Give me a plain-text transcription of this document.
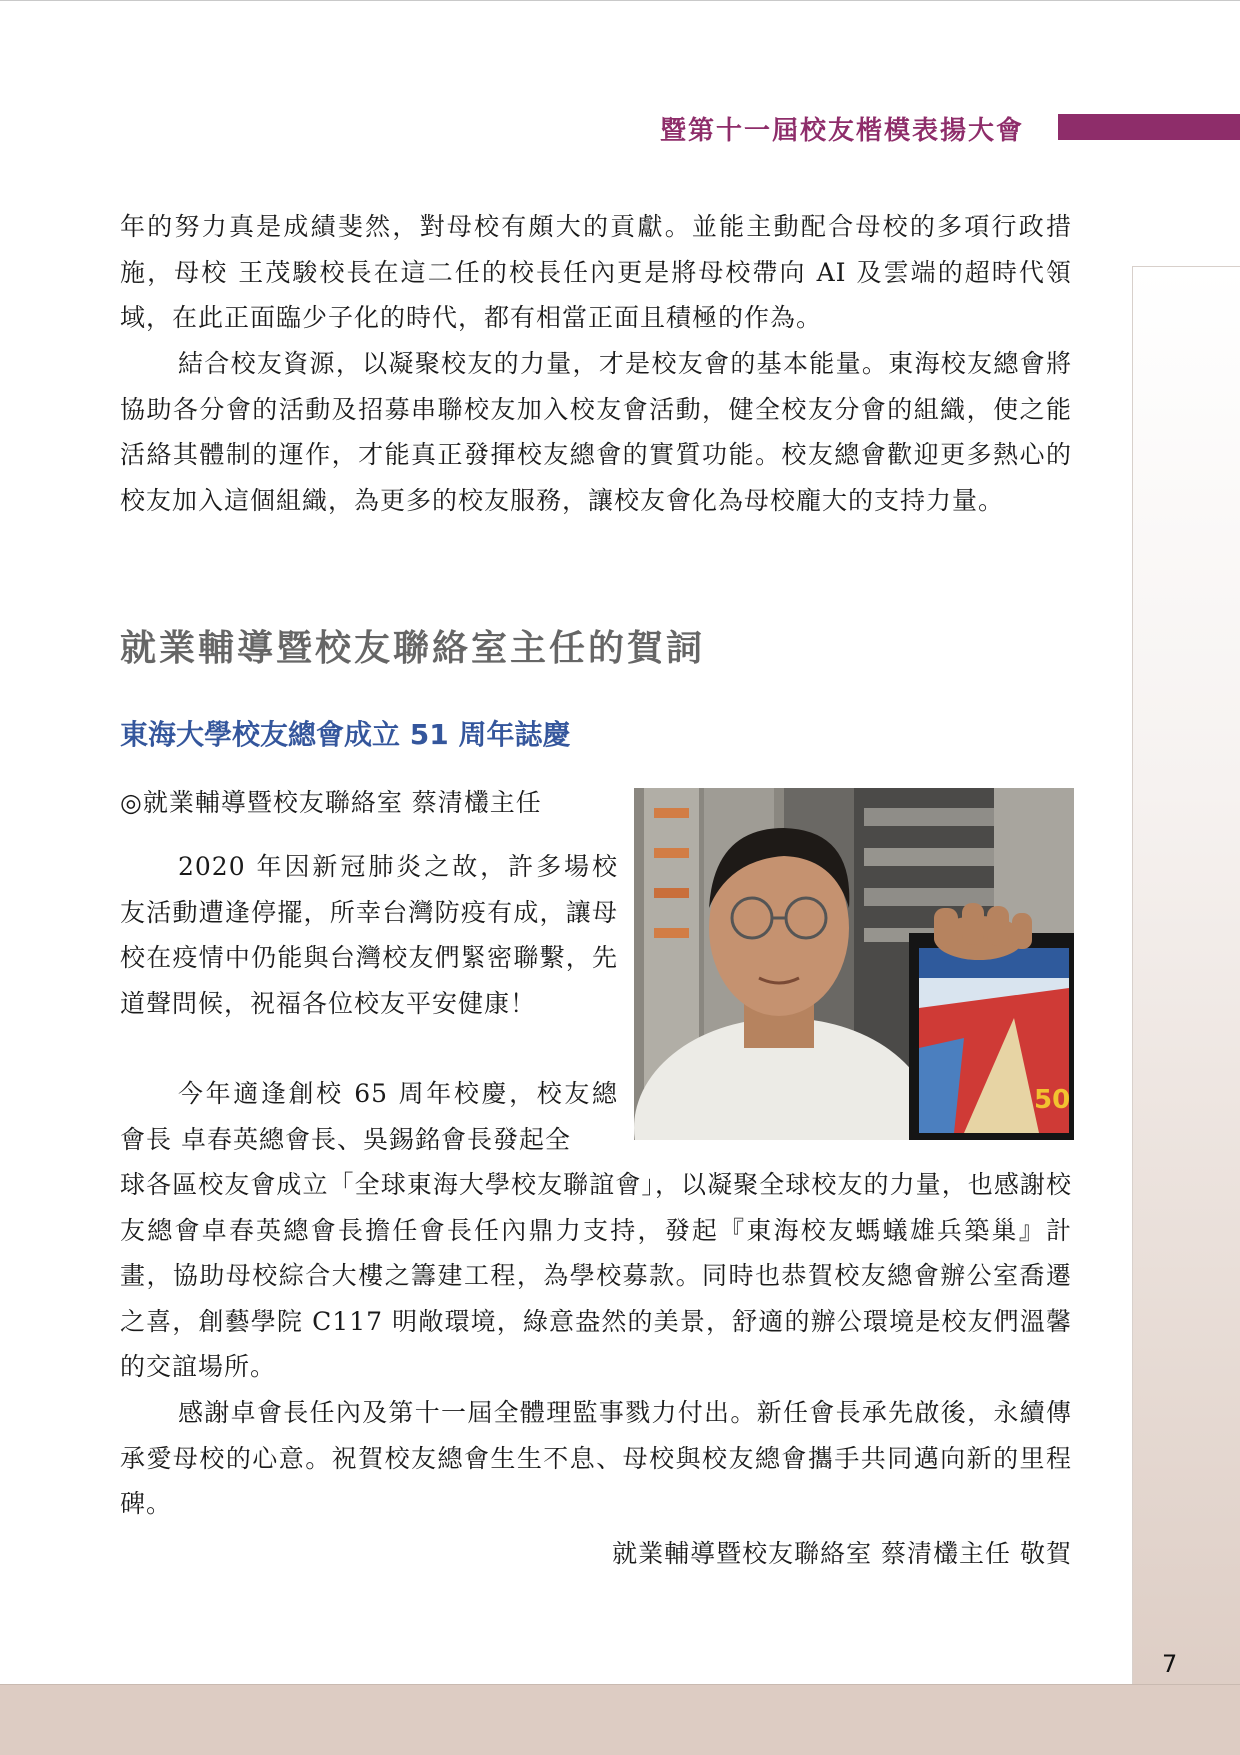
暨第十一屆校友楷模表揚大會

年的努力真是成績斐然，對母校有頗大的貢獻。並能主動配合母校的多項行政措施，母校 王茂駿校長在這二任的校長任內更是將母校帶向 AI 及雲端的超時代領域，在此正面臨少子化的時代，都有相當正面且積極的作為。

結合校友資源，以凝聚校友的力量，才是校友會的基本能量。東海校友總會將協助各分會的活動及招募串聯校友加入校友會活動，健全校友分會的組織，使之能活絡其體制的運作，才能真正發揮校友總會的實質功能。校友總會歡迎更多熱心的校友加入這個組織，為更多的校友服務，讓校友會化為母校龐大的支持力量。

就業輔導暨校友聯絡室主任的賀詞
東海大學校友總會成立 51 周年誌慶
◎就業輔導暨校友聯絡室 蔡清欉主任

2020 年因新冠肺炎之故，許多場校友活動遭逢停擺，所幸台灣防疫有成，讓母校在疫情中仍能與台灣校友們緊密聯繫，先道聲問候，祝福各位校友平安健康！

今年適逢創校 65 周年校慶，校友總會長 卓春英總會長、吳錫銘會長發起全

球各區校友會成立「全球東海大學校友聯誼會」，以凝聚全球校友的力量，也感謝校友總會卓春英總會長擔任會長任內鼎力支持，發起『東海校友螞蟻雄兵築巢』計畫，協助母校綜合大樓之籌建工程，為學校募款。同時也恭賀校友總會辦公室喬遷之喜，創藝學院 C117 明敞環境，綠意盎然的美景，舒適的辦公環境是校友們溫馨的交誼場所。

感謝卓會長任內及第十一屆全體理監事戮力付出。新任會長承先啟後，永續傳承愛母校的心意。祝賀校友總會生生不息、母校與校友總會攜手共同邁向新的里程碑。

50
就業輔導暨校友聯絡室 蔡清欉主任 敬賀
7
